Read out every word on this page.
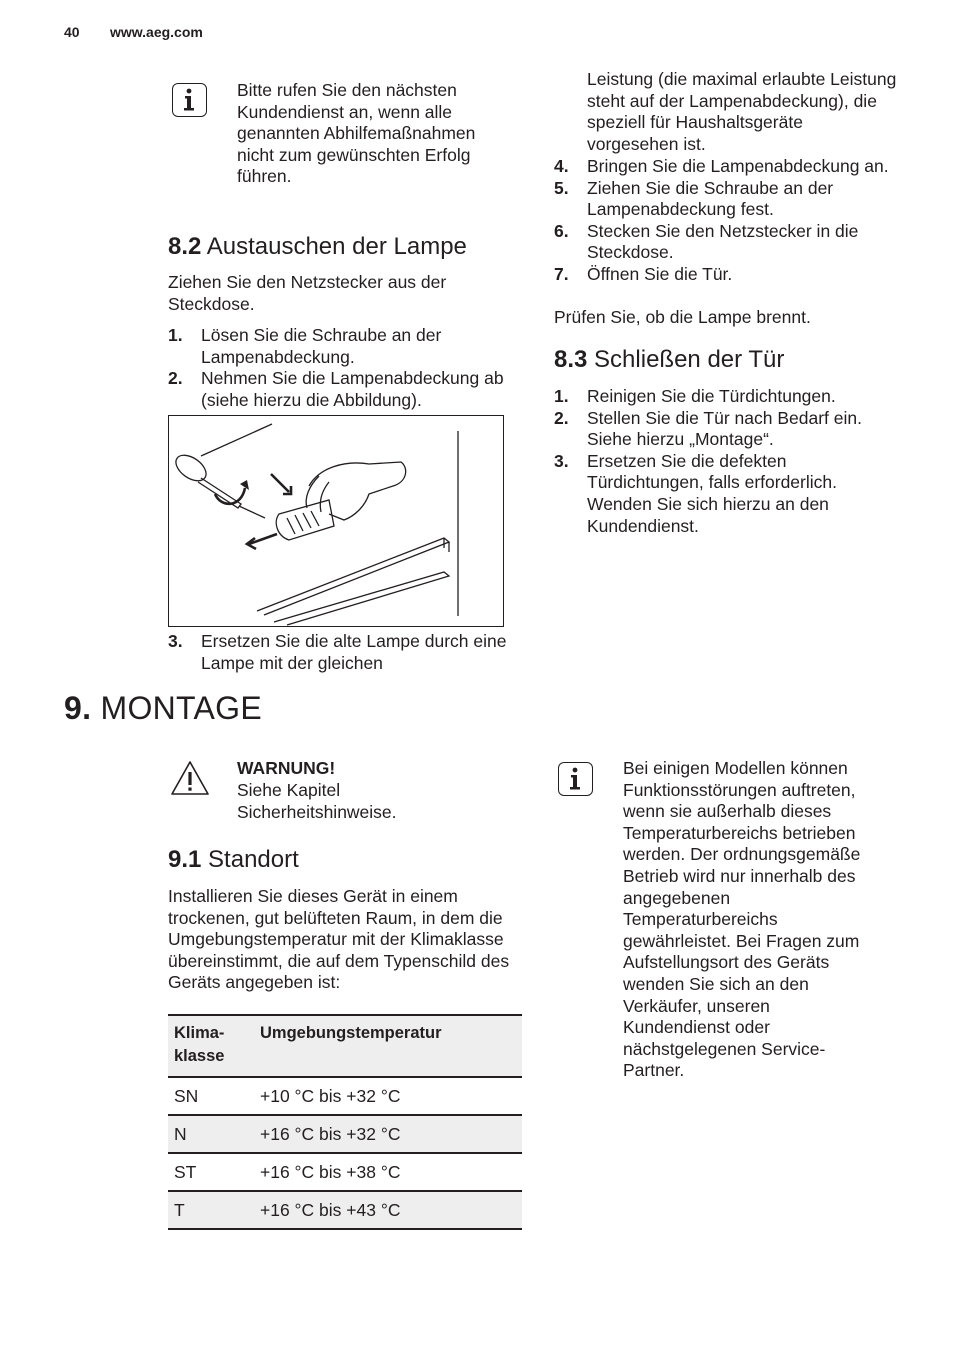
40 www.aeg.com

Bitte rufen Sie den nächsten Kundendienst an, wenn alle genannten Abhilfemaßnahmen nicht zum gewünschten Erfolg führen.

8.2 Austauschen der Lampe

Ziehen Sie den Netzstecker aus der Steckdose.

1. Lösen Sie die Schraube an der Lampenabdeckung.
2. Nehmen Sie die Lampenabdeckung ab (siehe hierzu die Abbildung).
3. Ersetzen Sie die alte Lampe durch eine Lampe mit der gleichen

Leistung (die maximal erlaubte Leistung steht auf der Lampenabdeckung), die speziell für Haushaltsgeräte vorgesehen ist.

4. Bringen Sie die Lampenabdeckung an.
5. Ziehen Sie die Schraube an der Lampenabdeckung fest.
6. Stecken Sie den Netzstecker in die Steckdose.
7. Öffnen Sie die Tür.

Prüfen Sie, ob die Lampe brennt.

8.3 Schließen der Tür
1. Reinigen Sie die Türdichtungen.
2. Stellen Sie die Tür nach Bedarf ein. Siehe hierzu „Montage“.
3. Ersetzen Sie die defekten Türdichtungen, falls erforderlich. Wenden Sie sich hierzu an den Kundendienst.
9. MONTAGE

WARNUNG!

Siehe Kapitel Sicherheitshinweise.

9.1 Standort

Installieren Sie dieses Gerät in einem trockenen, gut belüfteten Raum, in dem die Umgebungstemperatur mit der Klimaklasse übereinstimmt, die auf dem Typenschild des Geräts angegeben ist:

Klima-klasse	Umgebungstemperatur
SN	+10 °C bis +32 °C
N	+16 °C bis +32 °C
ST	+16 °C bis +38 °C
T	+16 °C bis +43 °C

Bei einigen Modellen können Funktionsstörungen auftreten, wenn sie außerhalb dieses Temperaturbereichs betrieben werden. Der ordnungsgemäße Betrieb wird nur innerhalb des angegebenen Temperaturbereichs gewährleistet. Bei Fragen zum Aufstellungsort des Geräts wenden Sie sich an den Verkäufer, unseren Kundendienst oder nächstgelegenen Service-Partner.
